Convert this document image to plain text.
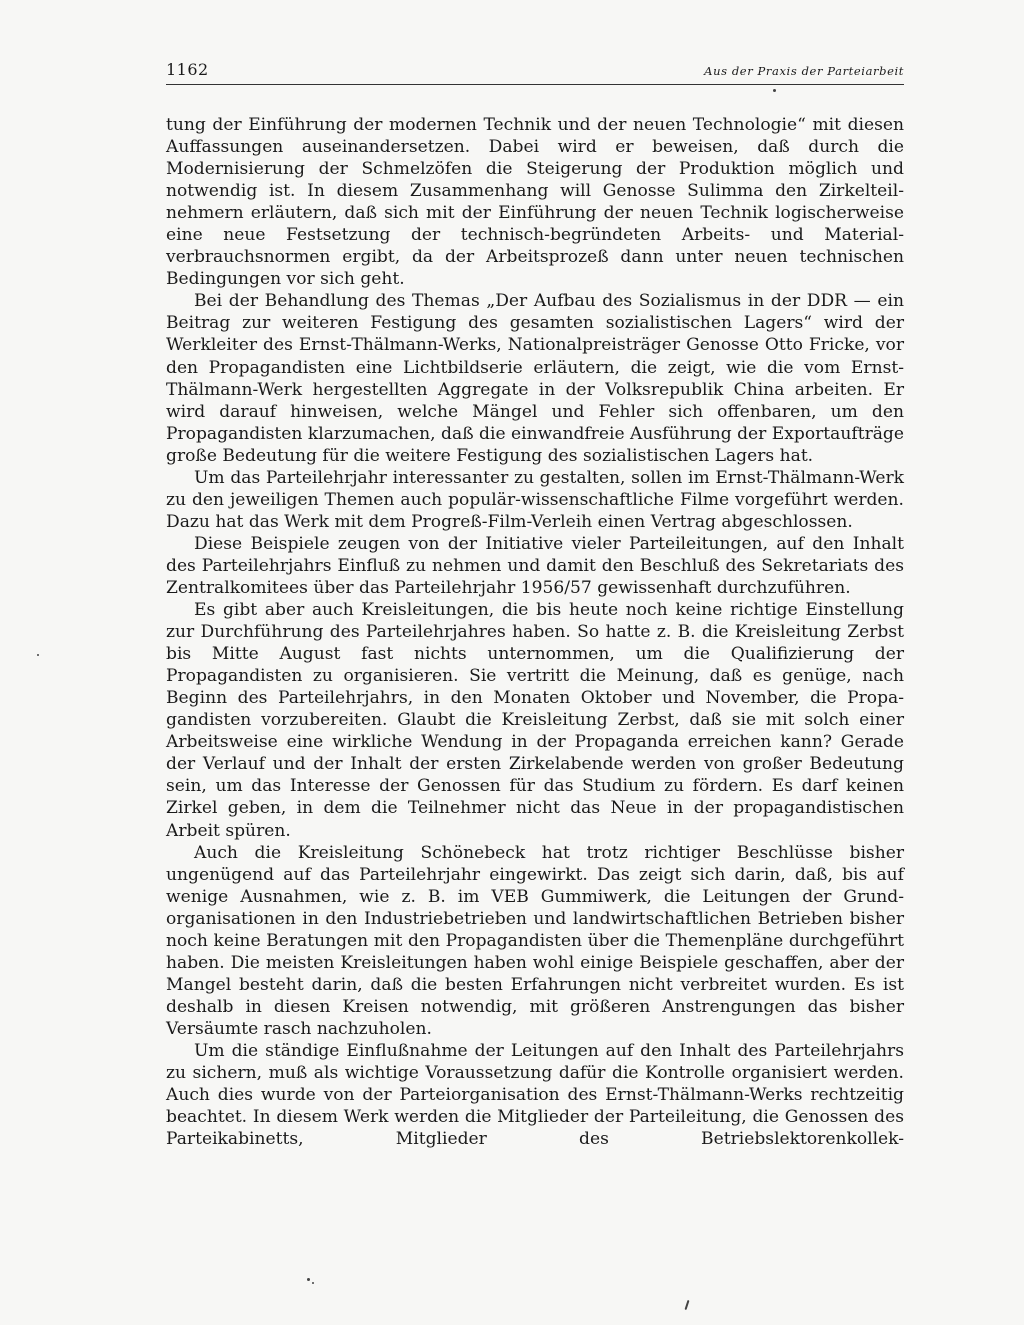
1162	Aus der Praxis der Parteiarbeit

tung der Einführung der modernen Technik und der neuen Technologie“ mit diesen Auffassungen auseinandersetzen. Dabei wird er beweisen, daß durch die Modernisierung der Schmelzöfen die Steigerung der Produktion möglich und notwendig ist. In diesem Zusammenhang will Genosse Sulimma den Zirkelteilnehmern erläutern, daß sich mit der Einführung der neuen Technik logischerweise eine neue Festsetzung der technisch-begründeten Arbeits- und Materialverbrauchsnormen ergibt, da der Arbeitsprozeß dann unter neuen technischen Bedingungen vor sich geht.

Bei der Behandlung des Themas „Der Aufbau des Sozialismus in der DDR — ein Beitrag zur weiteren Festigung des gesamten sozialistischen Lagers“ wird der Werkleiter des Ernst-Thälmann-Werks, Nationalpreisträger Genosse Otto Fricke, vor den Propagandisten eine Lichtbildserie erläutern, die zeigt, wie die vom Ernst-Thälmann-Werk hergestellten Aggregate in der Volksrepublik China arbeiten. Er wird darauf hinweisen, welche Mängel und Fehler sich offenbaren, um den Propagandisten klarzumachen, daß die einwandfreie Ausführung der Exportaufträge große Bedeutung für die weitere Festigung des sozialistischen Lagers hat.

Um das Parteilehrjahr interessanter zu gestalten, sollen im Ernst-Thälmann-Werk zu den jeweiligen Themen auch populär-wissenschaftliche Filme vorgeführt werden. Dazu hat das Werk mit dem Progreß-Film-Verleih einen Vertrag abgeschlossen.

Diese Beispiele zeugen von der Initiative vieler Parteileitungen, auf den Inhalt des Parteilehrjahrs Einfluß zu nehmen und damit den Beschluß des Sekretariats des Zentralkomitees über das Parteilehrjahr 1956/57 gewissenhaft durchzuführen.

Es gibt aber auch Kreisleitungen, die bis heute noch keine richtige Einstellung zur Durchführung des Parteilehrjahres haben. So hatte z. B. die Kreisleitung Zerbst bis Mitte August fast nichts unternommen, um die Qualifizierung der Propagandisten zu organisieren. Sie vertritt die Meinung, daß es genüge, nach Beginn des Parteilehrjahrs, in den Monaten Oktober und November, die Propagandisten vorzubereiten. Glaubt die Kreisleitung Zerbst, daß sie mit solch einer Arbeitsweise eine wirkliche Wendung in der Propaganda erreichen kann? Gerade der Verlauf und der Inhalt der ersten Zirkelabende werden von großer Bedeutung sein, um das Interesse der Genossen für das Studium zu fördern. Es darf keinen Zirkel geben, in dem die Teilnehmer nicht das Neue in der propagandistischen Arbeit spüren.

Auch die Kreisleitung Schönebeck hat trotz richtiger Beschlüsse bisher ungenügend auf das Parteilehrjahr eingewirkt. Das zeigt sich darin, daß, bis auf wenige Ausnahmen, wie z. B. im VEB Gummiwerk, die Leitungen der Grundorganisationen in den Industriebetrieben und landwirtschaftlichen Betrieben bisher noch keine Beratungen mit den Propagandisten über die Themenpläne durchgeführt haben. Die meisten Kreisleitungen haben wohl einige Beispiele geschaffen, aber der Mangel besteht darin, daß die besten Erfahrungen nicht verbreitet wurden. Es ist deshalb in diesen Kreisen notwendig, mit größeren Anstrengungen das bisher Versäumte rasch nachzuholen.

Um die ständige Einflußnahme der Leitungen auf den Inhalt des Parteilehrjahrs zu sichern, muß als wichtige Voraussetzung dafür die Kontrolle organisiert werden. Auch dies wurde von der Parteiorganisation des Ernst-Thälmann-Werks rechtzeitig beachtet. In diesem Werk werden die Mitglieder der Parteileitung, die Genossen des Parteikabinetts, Mitglieder des Betriebslektorenkollek-
